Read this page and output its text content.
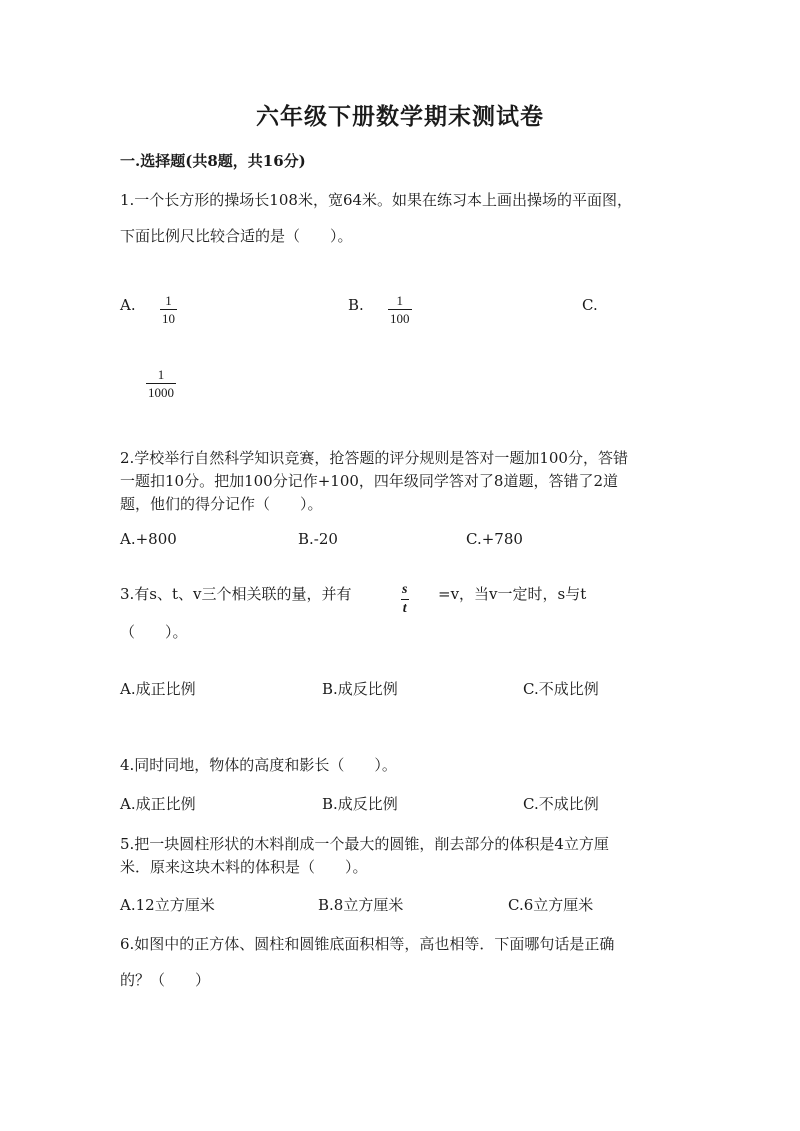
六年级下册数学期末测试卷
一.选择题(共8题，共16分)
1.一个长方形的操场长108米，宽64米。如果在练习本上画出操场的平面图，
下面比例尺比较合适的是（　　）。
A. $\frac{1}{10}$	B. $\frac{1}{100}$	C.
$\frac{1}{1000}$
2.学校举行自然科学知识竞赛，抢答题的评分规则是答对一题加100分，答错
一题扣10分。把加100分记作+100，四年级同学答对了8道题，答错了2道
题，他们的得分记作（　　）。
A.+800	B.-20	C.+780
3.有s、t、v三个相关联的量，并有	$\frac{s}{t} =v$，当v一定时，s与t
（　　）。
A.成正比例	B.成反比例	C.不成比例
4.同时同地，物体的高度和影长（　　）。
A.成正比例	B.成反比例	C.不成比例
5.把一块圆柱形状的木料削成一个最大的圆锥，削去部分的体积是4立方厘
米．原来这块木料的体积是（　　）。
A.12立方厘米	B.8立方厘米	C.6立方厘米
6.如图中的正方体、圆柱和圆锥底面积相等，高也相等．下面哪句话是正确
的？（　　）
